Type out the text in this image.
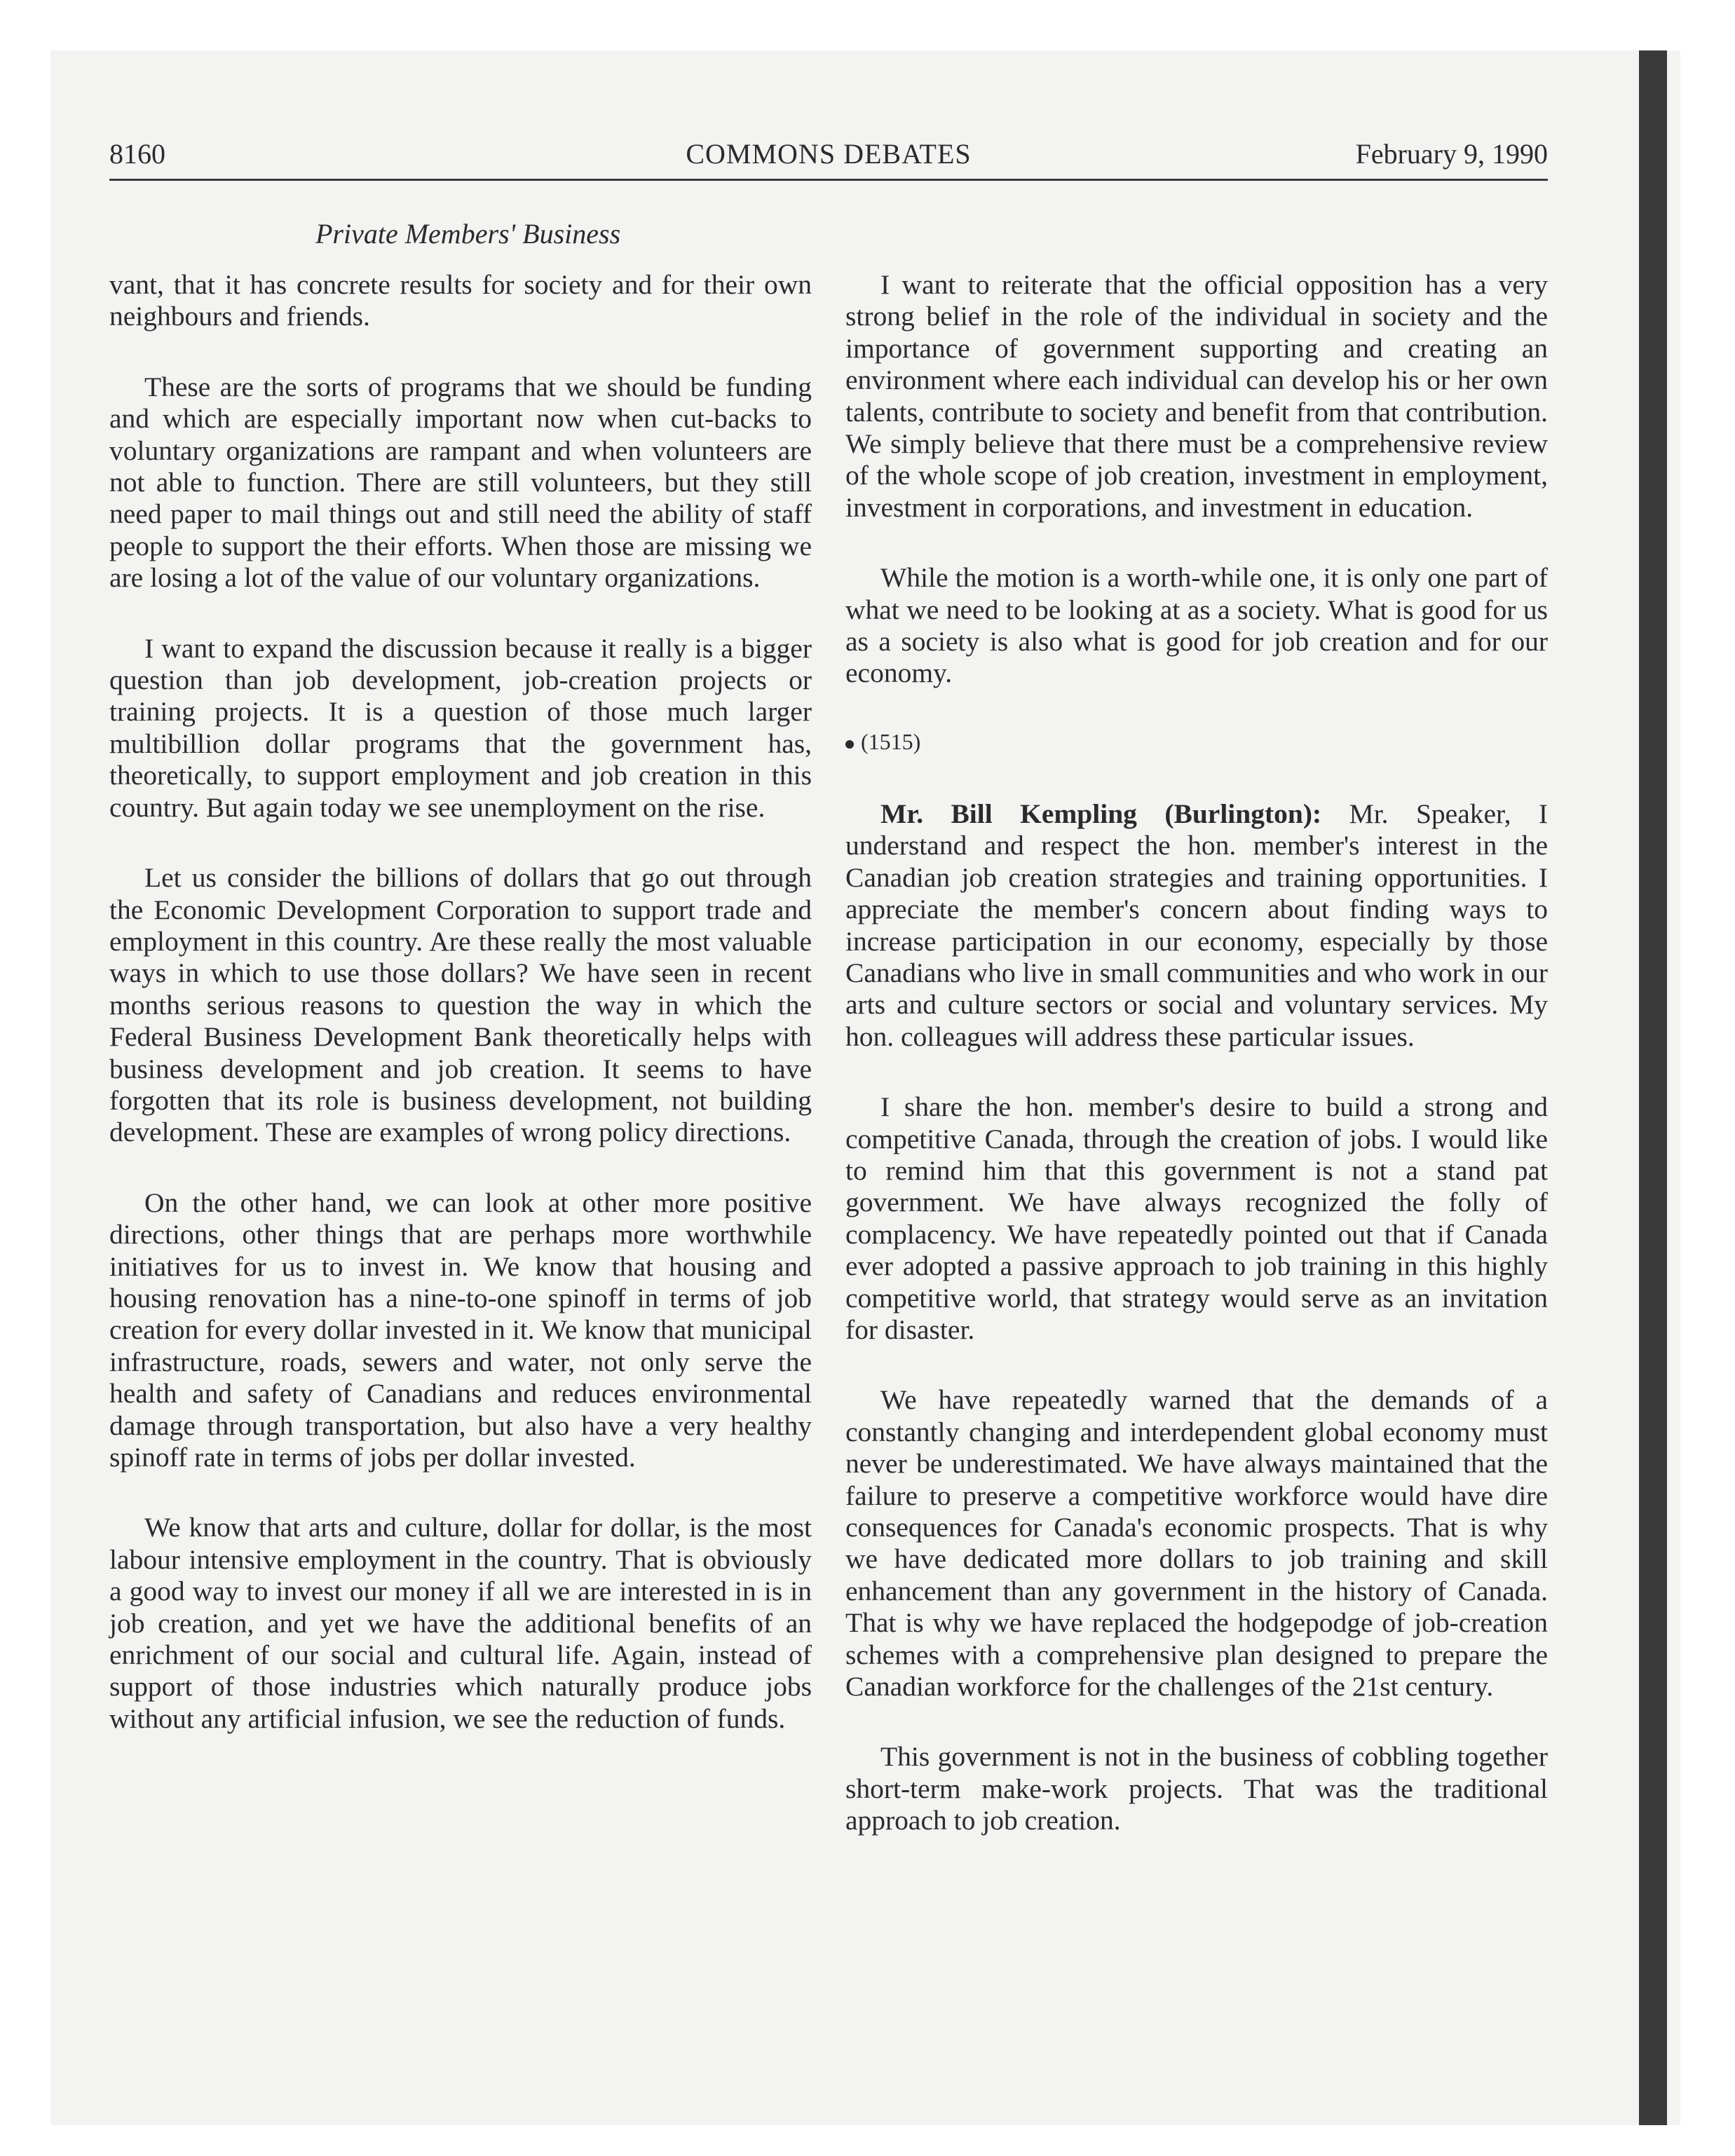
8160	COMMONS DEBATES	February 9, 1990
Private Members' Business

vant, that it has concrete results for society and for their own neighbours and friends.

These are the sorts of programs that we should be funding and which are especially important now when cut-backs to voluntary organizations are rampant and when volunteers are not able to function. There are still volunteers, but they still need paper to mail things out and still need the ability of staff people to support the their efforts. When those are missing we are losing a lot of the value of our voluntary organizations.

I want to expand the discussion because it really is a bigger question than job development, job-creation projects or training projects. It is a question of those much larger multibillion dollar programs that the government has, theoretically, to support employment and job creation in this country. But again today we see unemployment on the rise.

Let us consider the billions of dollars that go out through the Economic Development Corporation to support trade and employment in this country. Are these really the most valuable ways in which to use those dollars? We have seen in recent months serious reasons to question the way in which the Federal Business Development Bank theoretically helps with business development and job creation. It seems to have forgotten that its role is business development, not building development. These are examples of wrong policy directions.

On the other hand, we can look at other more positive directions, other things that are perhaps more worthwhile initiatives for us to invest in. We know that housing and housing renovation has a nine-to-one spinoff in terms of job creation for every dollar invested in it. We know that municipal infrastructure, roads, sewers and water, not only serve the health and safety of Canadians and reduces environmental damage through transportation, but also have a very healthy spinoff rate in terms of jobs per dollar invested.

We know that arts and culture, dollar for dollar, is the most labour intensive employment in the country. That is obviously a good way to invest our money if all we are interested in is in job creation, and yet we have the additional benefits of an enrichment of our social and cultural life. Again, instead of support of those industries which naturally produce jobs without any artificial infusion, we see the reduction of funds.

I want to reiterate that the official opposition has a very strong belief in the role of the individual in society and the importance of government supporting and creating an environment where each individual can develop his or her own talents, contribute to society and benefit from that contribution. We simply believe that there must be a comprehensive review of the whole scope of job creation, investment in employment, investment in corporations, and investment in education.

While the motion is a worth-while one, it is only one part of what we need to be looking at as a society. What is good for us as a society is also what is good for job creation and for our economy.

(1515)

Mr. Bill Kempling (Burlington): Mr. Speaker, I understand and respect the hon. member's interest in the Canadian job creation strategies and training opportunities. I appreciate the member's concern about finding ways to increase participation in our economy, especially by those Canadians who live in small communities and who work in our arts and culture sectors or social and voluntary services. My hon. colleagues will address these particular issues.

I share the hon. member's desire to build a strong and competitive Canada, through the creation of jobs. I would like to remind him that this government is not a stand pat government. We have always recognized the folly of complacency. We have repeatedly pointed out that if Canada ever adopted a passive approach to job training in this highly competitive world, that strategy would serve as an invitation for disaster.

We have repeatedly warned that the demands of a constantly changing and interdependent global economy must never be underestimated. We have always maintained that the failure to preserve a competitive workforce would have dire consequences for Canada's economic prospects. That is why we have dedicated more dollars to job training and skill enhancement than any government in the history of Canada. That is why we have replaced the hodgepodge of job-creation schemes with a comprehensive plan designed to prepare the Canadian workforce for the challenges of the 21st century.

This government is not in the business of cobbling together short-term make-work projects. That was the traditional approach to job creation.
